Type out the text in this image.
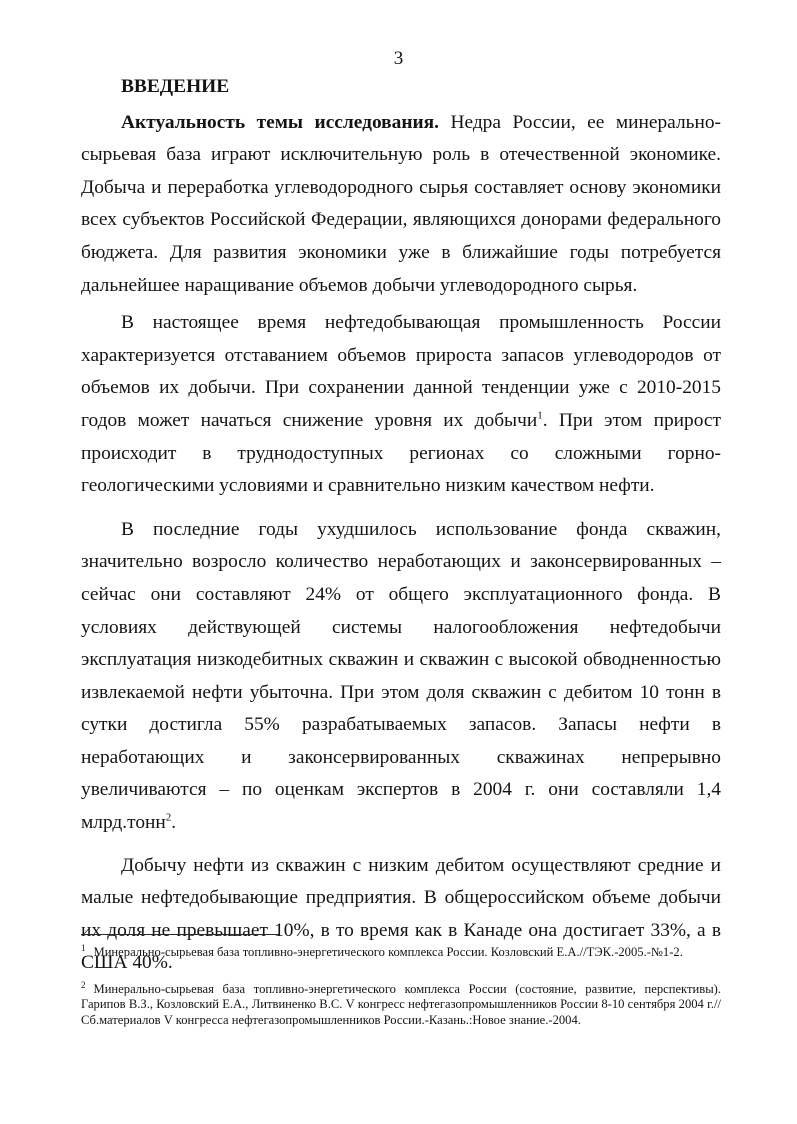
3
ВВЕДЕНИЕ

Актуальность темы исследования. Недра России, ее минерально-сырьевая база играют исключительную роль в отечественной экономике. Добыча и переработка углеводородного сырья составляет основу экономики всех субъектов Российской Федерации, являющихся донорами федерального бюджета. Для развития экономики уже в ближайшие годы потребуется дальнейшее наращивание объемов добычи углеводородного сырья.

В настоящее время нефтедобывающая промышленность России характеризуется отставанием объемов прироста запасов углеводородов от объемов их добычи. При сохранении данной тенденции уже с 2010-2015 годов может начаться снижение уровня их добычи$^1$. При этом прирост происходит в труднодоступных регионах со сложными горно-геологическими условиями и сравнительно низким качеством нефти.

В последние годы ухудшилось использование фонда скважин, значительно возросло количество неработающих и законсервированных – сейчас они составляют 24% от общего эксплуатационного фонда. В условиях действующей системы налогообложения нефтедобычи эксплуатация низкодебитных скважин и скважин с высокой обводненностью извлекаемой нефти убыточна. При этом доля скважин с дебитом 10 тонн в сутки достигла 55% разрабатываемых запасов. Запасы нефти в неработающих и законсервированных скважинах непрерывно увеличиваются – по оценкам экспертов в 2004 г. они составляли 1,4 млрд.тонн$^2$.

Добычу нефти из скважин с низким дебитом осуществляют средние и малые нефтедобывающие предприятия. В общероссийском объеме добычи их доля не превышает 10%, в то время как в Канаде она достигает 33%, а в США 40%.

$^1$ Минерально-сырьевая база топливно-энергетического комплекса России. Козловский Е.А.//ТЭК.-2005.-№1-2.

$^2$ Минерально-сырьевая база топливно-энергетического комплекса России (состояние, развитие, перспективы). Гарипов В.З., Козловский Е.А., Литвиненко В.С. V конгресс нефтегазопромышленников России 8-10 сентября 2004 г.//Сб.материалов V конгресса нефтегазопромышленников России.-Казань.:Новое знание.-2004.
